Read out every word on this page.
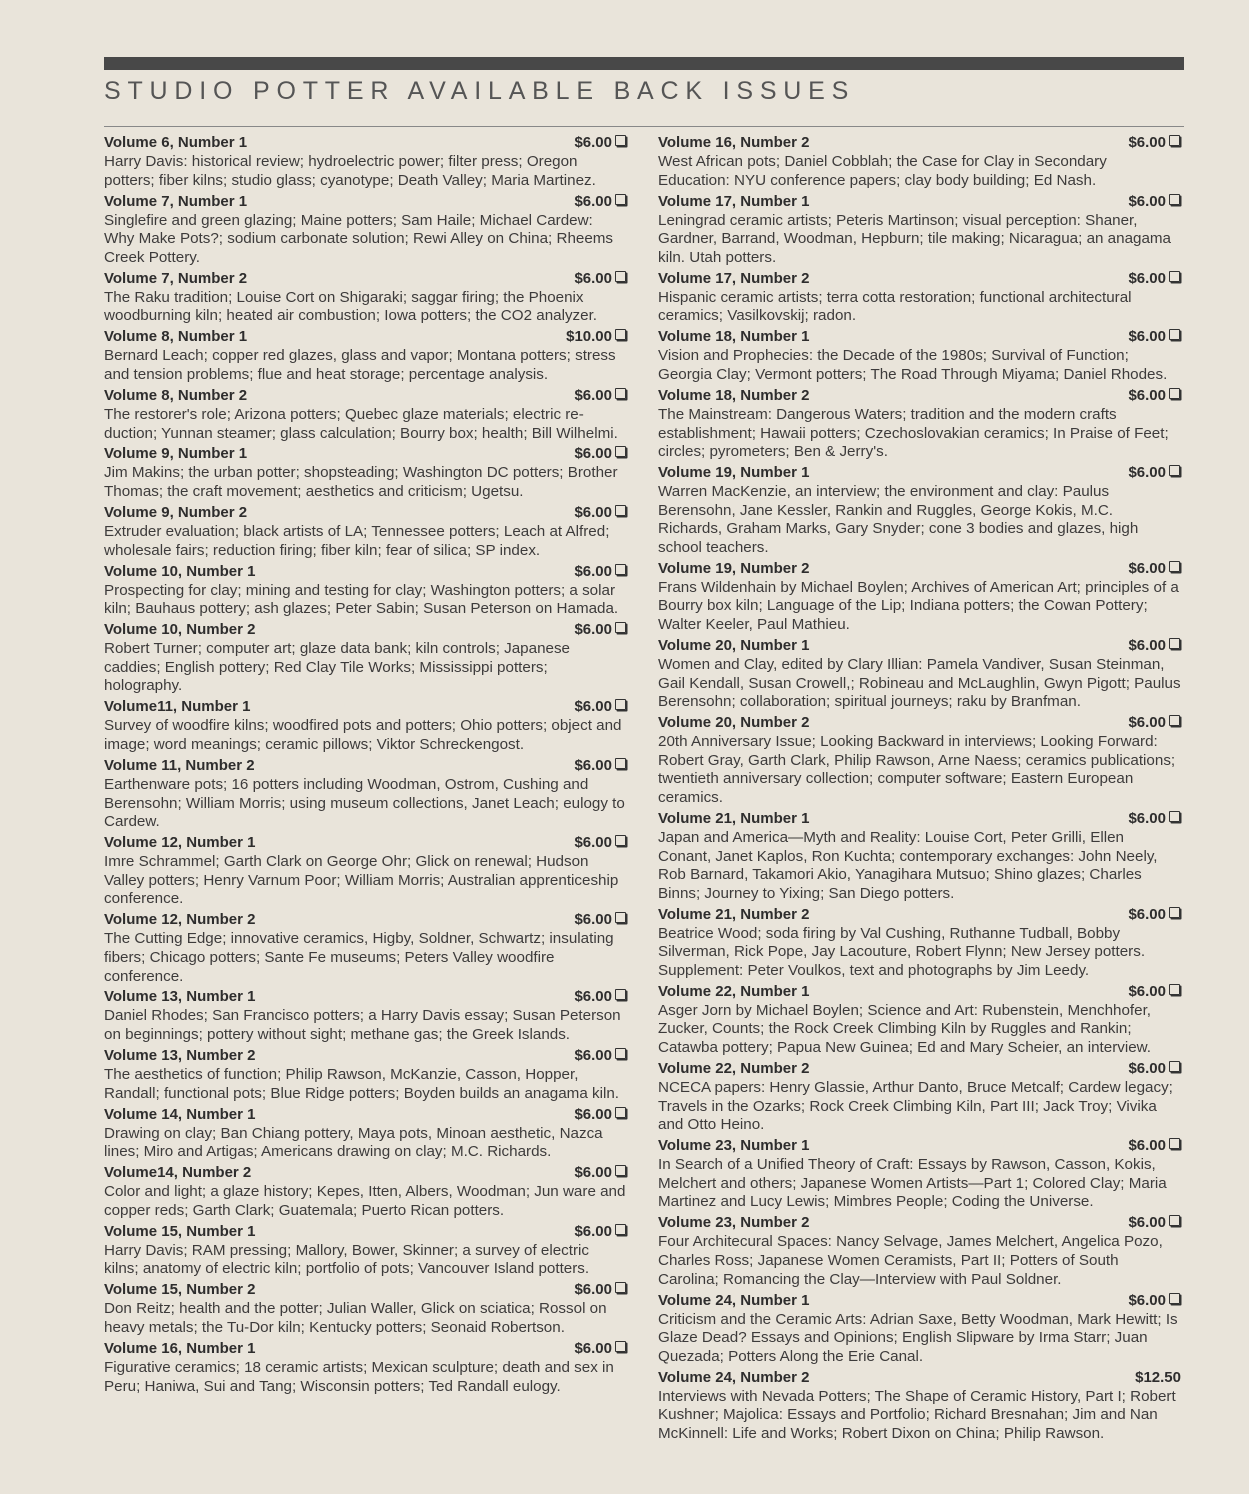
STUDIO POTTER AVAILABLE BACK ISSUES
Volume 6, Number 1	$6.00

Harry Davis: historical review; hydroelectric power; filter press; Oregon potters; fiber kilns; studio glass; cyanotype; Death Valley; Maria Martinez.

Volume 7, Number 1	$6.00

Singlefire and green glazing; Maine potters; Sam Haile; Michael Cardew: Why Make Pots?; sodium carbonate solution; Rewi Alley on China; Rheems Creek Pottery.

Volume 7, Number 2	$6.00

The Raku tradition; Louise Cort on Shigaraki; saggar firing; the Phoenix woodburning kiln; heated air combustion; Iowa potters; the CO2 analyzer.

Volume 8, Number 1	$10.00

Bernard Leach; copper red glazes, glass and vapor; Montana potters; stress and tension problems; flue and heat storage; percentage analysis.

Volume 8, Number 2	$6.00

The restorer's role; Arizona potters; Quebec glaze materials; electric re-duction; Yunnan steamer; glass calculation; Bourry box; health; Bill Wilhelmi.

Volume 9, Number 1	$6.00

Jim Makins; the urban potter; shopsteading; Washington DC potters; Brother Thomas; the craft movement; aesthetics and criticism; Ugetsu.

Volume 9, Number 2	$6.00

Extruder evaluation; black artists of LA; Tennessee potters; Leach at Alfred; wholesale fairs; reduction firing; fiber kiln; fear of silica; SP index.

Volume 10, Number 1	$6.00

Prospecting for clay; mining and testing for clay; Washington potters; a solar kiln; Bauhaus pottery; ash glazes; Peter Sabin; Susan Peterson on Hamada.

Volume 10, Number 2	$6.00

Robert Turner; computer art; glaze data bank; kiln controls; Japanese caddies; English pottery; Red Clay Tile Works; Mississippi potters; holography.

Volume11, Number 1	$6.00

Survey of woodfire kilns; woodfired pots and potters; Ohio potters; object and image; word meanings; ceramic pillows; Viktor Schreckengost.

Volume 11, Number 2	$6.00

Earthenware pots; 16 potters including Woodman, Ostrom, Cushing and Berensohn; William Morris; using museum collections, Janet Leach; eulogy to Cardew.

Volume 12, Number 1	$6.00

Imre Schrammel; Garth Clark on George Ohr; Glick on renewal; Hudson Valley potters; Henry Varnum Poor; William Morris; Australian apprenticeship conference.

Volume 12, Number 2	$6.00

The Cutting Edge; innovative ceramics, Higby, Soldner, Schwartz; insulating fibers; Chicago potters; Sante Fe museums; Peters Valley woodfire conference.

Volume 13, Number 1	$6.00

Daniel Rhodes; San Francisco potters; a Harry Davis essay; Susan Peterson on beginnings; pottery without sight; methane gas; the Greek Islands.

Volume 13, Number 2	$6.00

The aesthetics of function; Philip Rawson, McKanzie, Casson, Hopper, Randall; functional pots; Blue Ridge potters; Boyden builds an anagama kiln.

Volume 14, Number 1	$6.00

Drawing on clay; Ban Chiang pottery, Maya pots, Minoan aesthetic, Nazca lines; Miro and Artigas; Americans drawing on clay; M.C. Richards.

Volume14, Number 2	$6.00

Color and light; a glaze history; Kepes, Itten, Albers, Woodman; Jun ware and copper reds; Garth Clark; Guatemala; Puerto Rican potters.

Volume 15, Number 1	$6.00

Harry Davis; RAM pressing; Mallory, Bower, Skinner; a survey of electric kilns; anatomy of electric kiln; portfolio of pots; Vancouver Island potters.

Volume 15, Number 2	$6.00

Don Reitz; health and the potter; Julian Waller, Glick on sciatica; Rossol on heavy metals; the Tu-Dor kiln; Kentucky potters; Seonaid Robertson.

Volume 16, Number 1	$6.00

Figurative ceramics; 18 ceramic artists; Mexican sculpture; death and sex in Peru; Haniwa, Sui and Tang; Wisconsin potters; Ted Randall eulogy.

Volume 16, Number 2	$6.00

West African pots; Daniel Cobblah; the Case for Clay in Secondary Education: NYU conference papers; clay body building; Ed Nash.

Volume 17, Number 1	$6.00

Leningrad ceramic artists; Peteris Martinson; visual perception: Shaner, Gardner, Barrand, Woodman, Hepburn; tile making; Nicaragua; an anagama kiln. Utah potters.

Volume 17, Number 2	$6.00

Hispanic ceramic artists; terra cotta restoration; functional architectural ceramics; Vasilkovskij; radon.

Volume 18, Number 1	$6.00

Vision and Prophecies: the Decade of the 1980s; Survival of Function; Georgia Clay; Vermont potters; The Road Through Miyama; Daniel Rhodes.

Volume 18, Number 2	$6.00

The Mainstream: Dangerous Waters; tradition and the modern crafts establishment; Hawaii potters; Czechoslovakian ceramics; In Praise of Feet; circles; pyrometers; Ben & Jerry's.

Volume 19, Number 1	$6.00

Warren MacKenzie, an interview; the environment and clay: Paulus Berensohn, Jane Kessler, Rankin and Ruggles, George Kokis, M.C. Richards, Graham Marks, Gary Snyder; cone 3 bodies and glazes, high school teachers.

Volume 19, Number 2	$6.00

Frans Wildenhain by Michael Boylen; Archives of American Art; principles of a Bourry box kiln; Language of the Lip; Indiana potters; the Cowan Pottery; Walter Keeler, Paul Mathieu.

Volume 20, Number 1	$6.00

Women and Clay, edited by Clary Illian: Pamela Vandiver, Susan Steinman, Gail Kendall, Susan Crowell,; Robineau and McLaughlin, Gwyn Pigott; Paulus Berensohn; collaboration; spiritual journeys; raku by Branfman.

Volume 20, Number 2	$6.00

20th Anniversary Issue; Looking Backward in interviews; Looking Forward: Robert Gray, Garth Clark, Philip Rawson, Arne Naess; ceramics publications; twentieth anniversary collection; computer software; Eastern European ceramics.

Volume 21, Number 1	$6.00

Japan and America—Myth and Reality: Louise Cort, Peter Grilli, Ellen Conant, Janet Kaplos, Ron Kuchta; contemporary exchanges: John Neely, Rob Barnard, Takamori Akio, Yanagihara Mutsuo; Shino glazes; Charles Binns; Journey to Yixing; San Diego potters.

Volume 21, Number 2	$6.00

Beatrice Wood; soda firing by Val Cushing, Ruthanne Tudball, Bobby Silverman, Rick Pope, Jay Lacouture, Robert Flynn; New Jersey potters. Supplement: Peter Voulkos, text and photographs by Jim Leedy.

Volume 22, Number 1	$6.00

Asger Jorn by Michael Boylen; Science and Art: Rubenstein, Menchhofer, Zucker, Counts; the Rock Creek Climbing Kiln by Ruggles and Rankin; Catawba pottery; Papua New Guinea; Ed and Mary Scheier, an interview.

Volume 22, Number 2	$6.00

NCECA papers: Henry Glassie, Arthur Danto, Bruce Metcalf; Cardew legacy; Travels in the Ozarks; Rock Creek Climbing Kiln, Part III; Jack Troy; Vivika and Otto Heino.

Volume 23, Number 1	$6.00

In Search of a Unified Theory of Craft: Essays by Rawson, Casson, Kokis, Melchert and others; Japanese Women Artists—Part 1; Colored Clay; Maria Martinez and Lucy Lewis; Mimbres People; Coding the Universe.

Volume 23, Number 2	$6.00

Four Architecural Spaces: Nancy Selvage, James Melchert, Angelica Pozo, Charles Ross; Japanese Women Ceramists, Part II; Potters of South Carolina; Romancing the Clay—Interview with Paul Soldner.

Volume 24, Number 1	$6.00

Criticism and the Ceramic Arts: Adrian Saxe, Betty Woodman, Mark Hewitt; Is Glaze Dead? Essays and Opinions; English Slipware by Irma Starr; Juan Quezada; Potters Along the Erie Canal.

Volume 24, Number 2	$12.50

Interviews with Nevada Potters; The Shape of Ceramic History, Part I; Robert Kushner; Majolica: Essays and Portfolio; Richard Bresnahan; Jim and Nan McKinnell: Life and Works; Robert Dixon on China; Philip Rawson.
